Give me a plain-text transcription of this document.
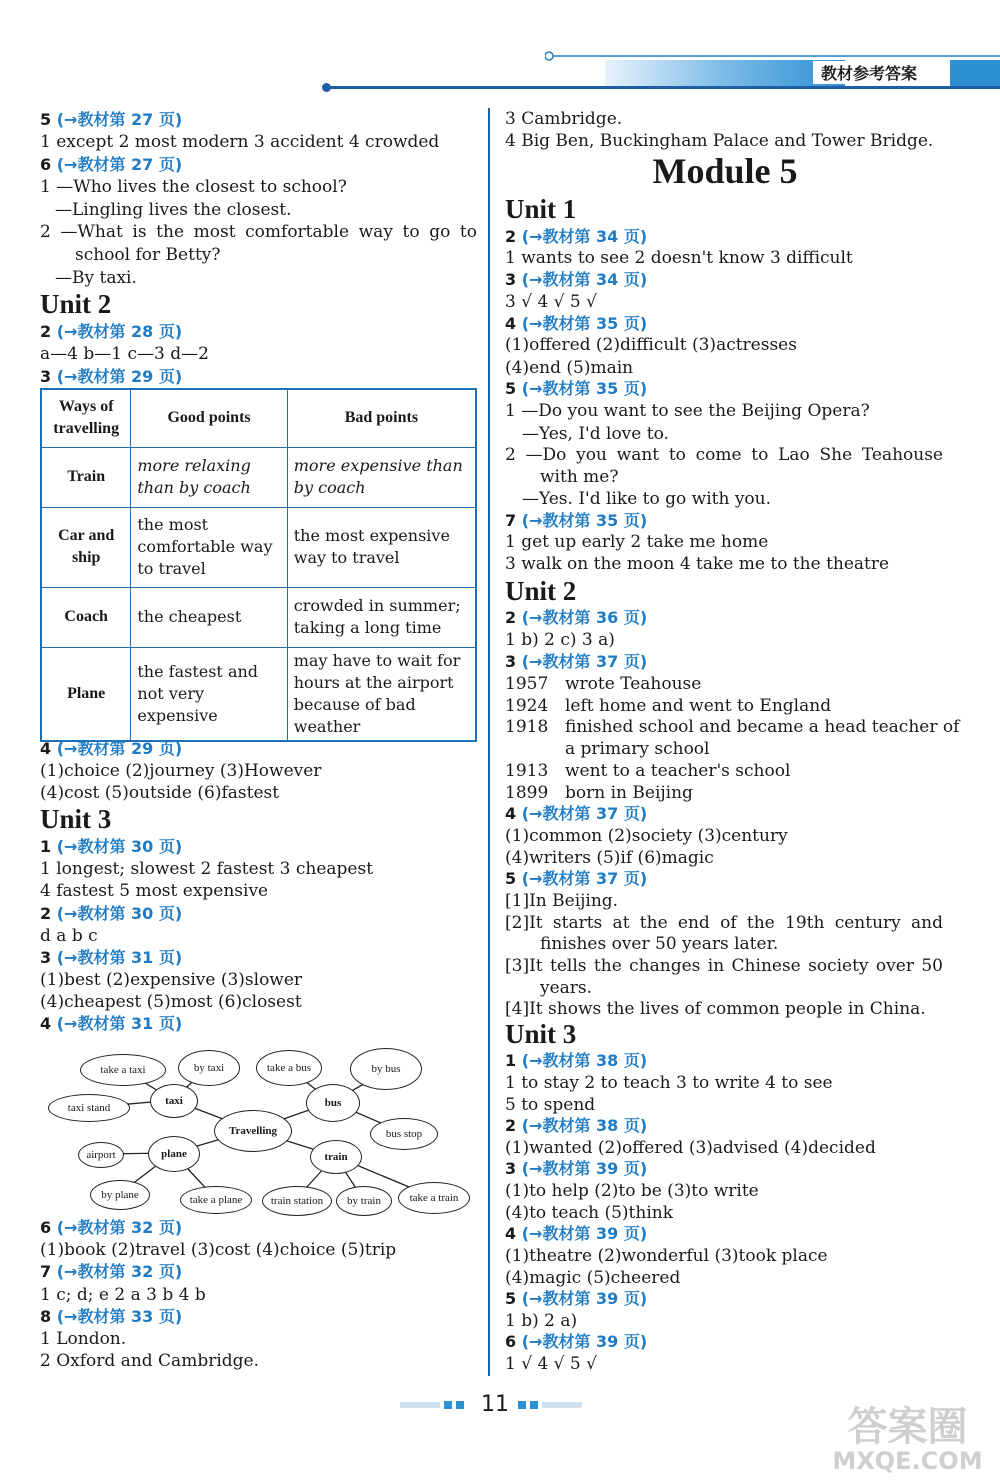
教材参考答案
5 (→教材第 27 页)
1 except 2 most modern 3 accident 4 crowded
6 (→教材第 27 页)
1 —Who lives the closest to school?
—Lingling lives the closest.
2 —What is the most comfortable way to go to
school for Betty?
—By taxi.
Unit 2
2 (→教材第 28 页)
a—4 b—1 c—3 d—2
3 (→教材第 29 页)
Ways of travelling	Good points	Bad points
Train	more relaxing than by coach	more expensive than by coach
Car and ship	the most comfortable way to travel	the most expensive way to travel
Coach	the cheapest	crowded in summer; taking a long time
Plane	the fastest and not very expensive	may have to wait for hours at the airport because of bad weather
4 (→教材第 29 页)
(1)choice (2)journey (3)However
(4)cost (5)outside (6)fastest
Unit 3
1 (→教材第 30 页)
1 longest; slowest 2 fastest 3 cheapest
4 fastest 5 most expensive
2 (→教材第 30 页)
d a b c
3 (→教材第 31 页)
(1)best (2)expensive (3)slower
(4)cheapest (5)most (6)closest
4 (→教材第 31 页)
Travelling
taxi	bus
plane	train
take a taxi	by taxi
taxi stand
take a bus	by bus
bus stop
airport
by plane	take a plane	train station	by train	take a train
6 (→教材第 32 页)
(1)book (2)travel (3)cost (4)choice (5)trip
7 (→教材第 32 页)
1 c; d; e 2 a 3 b 4 b
8 (→教材第 33 页)
1 London.
2 Oxford and Cambridge.
3 Cambridge.
4 Big Ben, Buckingham Palace and Tower Bridge.
Module 5
Unit 1
2 (→教材第 34 页)
1 wants to see 2 doesn't know 3 difficult
3 (→教材第 34 页)
3 √ 4 √ 5 √
4 (→教材第 35 页)
(1)offered (2)difficult (3)actresses
(4)end (5)main
5 (→教材第 35 页)
1 —Do you want to see the Beijing Opera?
—Yes, I'd love to.
2 —Do you want to come to Lao She Teahouse
with me?
—Yes. I'd like to go with you.
7 (→教材第 35 页)
1 get up early 2 take me home
3 walk on the moon 4 take me to the theatre
Unit 2
2 (→教材第 36 页)
1 b) 2 c) 3 a)
3 (→教材第 37 页)
1957 wrote Teahouse
1924 left home and went to England
1918 finished school and became a head teacher of
a primary school
1913 went to a teacher's school
1899 born in Beijing
4 (→教材第 37 页)
(1)common (2)society (3)century
(4)writers (5)if (6)magic
5 (→教材第 37 页)
[1]In Beijing.
[2]It starts at the end of the 19th century and
finishes over 50 years later.
[3]It tells the changes in Chinese society over 50
years.
[4]It shows the lives of common people in China.
Unit 3
1 (→教材第 38 页)
1 to stay 2 to teach 3 to write 4 to see
5 to spend
2 (→教材第 38 页)
(1)wanted (2)offered (3)advised (4)decided
3 (→教材第 39 页)
(1)to help (2)to be (3)to write
(4)to teach (5)think
4 (→教材第 39 页)
(1)theatre (2)wonderful (3)took place
(4)magic (5)cheered
5 (→教材第 39 页)
1 b) 2 a)
6 (→教材第 39 页)
1 √ 4 √ 5 √
11	答案圈
MXQE.COM
